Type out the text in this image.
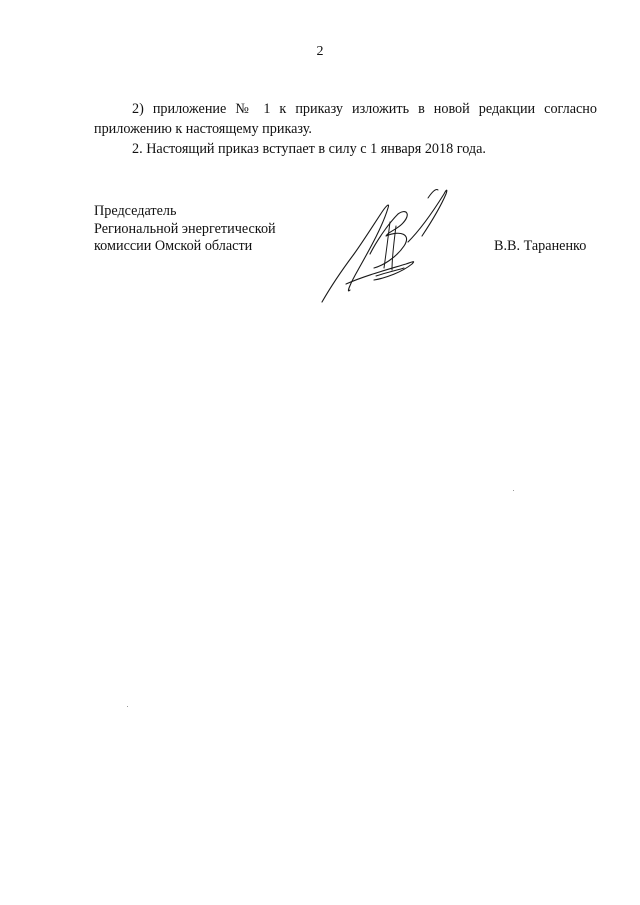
2

2) приложение № 1 к приказу изложить в новой редакции согласно приложению к настоящему приказу.

2. Настоящий приказ вступает в силу с 1 января 2018 года.

Председатель
Региональной энергетической
комиссии Омской области	В.В. Тараненко
